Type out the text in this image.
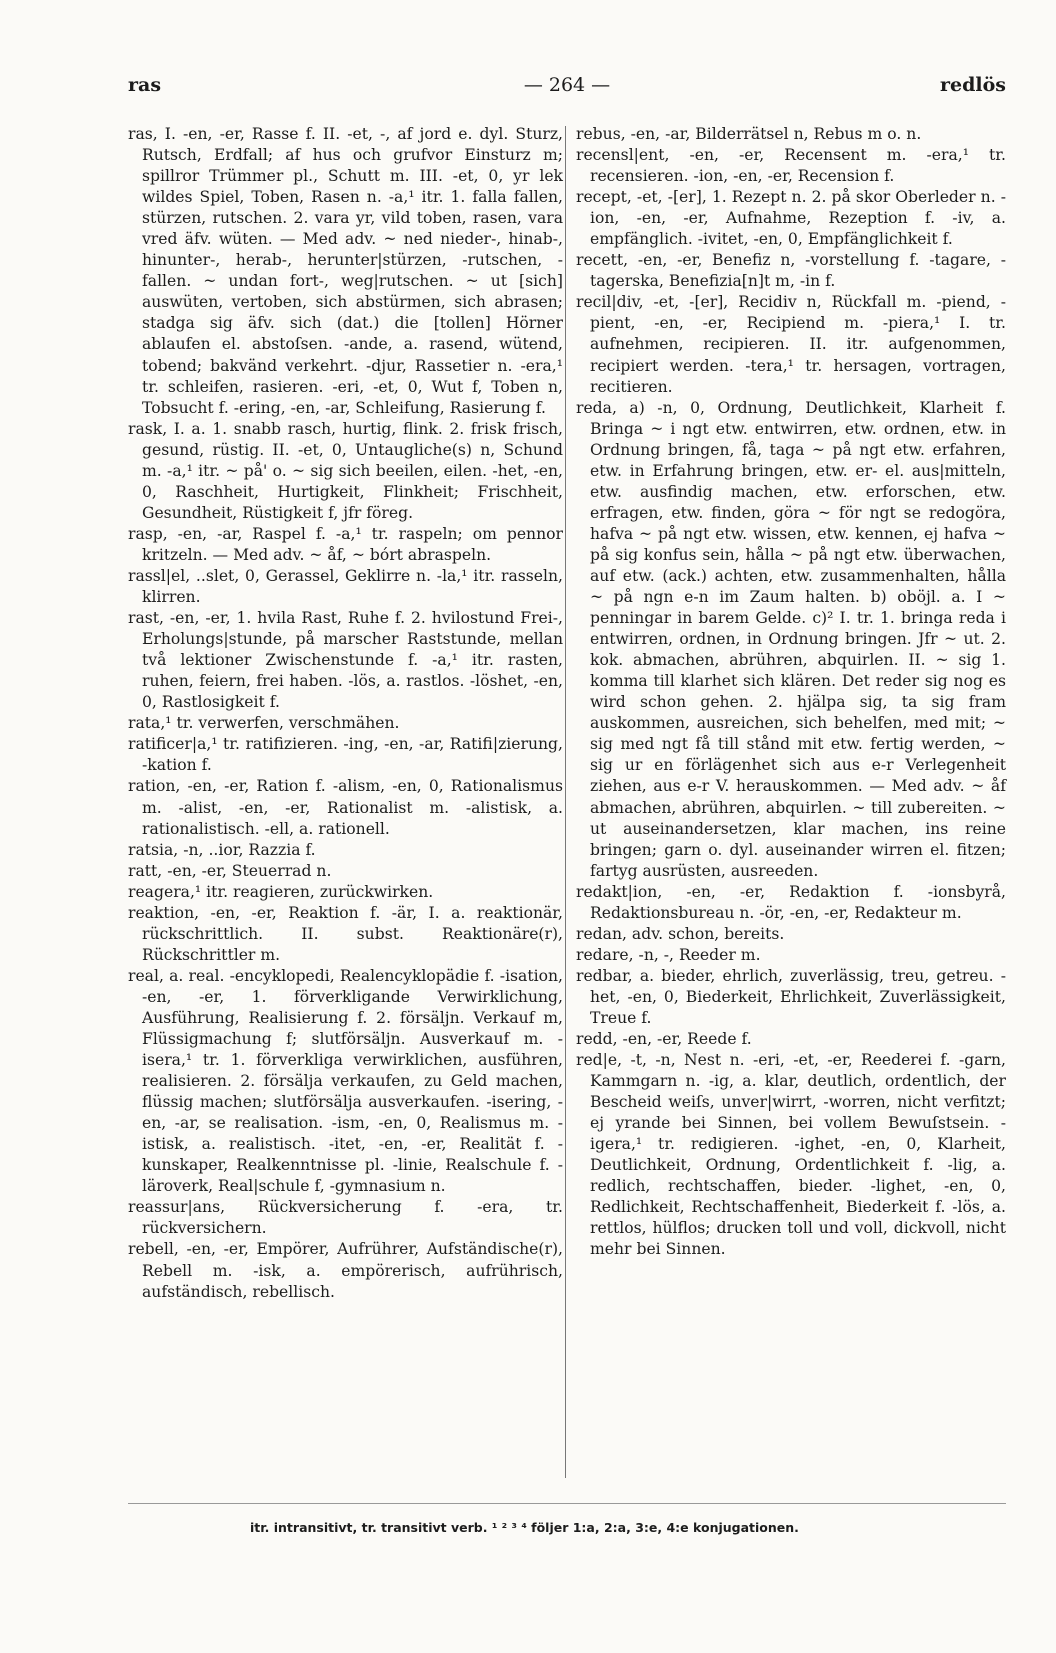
— 264 —
ras	redlös

ras, I. -en, -er, Rasse f. II. -et, -, af jord e. dyl. Sturz, Rutsch, Erdfall; af hus och grufvor Einsturz m; spillror Trümmer pl., Schutt m. III. -et, 0, yr lek wildes Spiel, Toben, Rasen n. -a,¹ itr. 1. falla fallen, stürzen, rutschen. 2. vara yr, vild toben, rasen, vara vred äfv. wüten. — Med adv. ~ ned nieder-, hinab-, hinunter-, herab-, herunter|stürzen, -rutschen, -fallen. ~ undan fort-, weg|rutschen. ~ ut [sich] auswüten, vertoben, sich abstürmen, sich abrasen; stadga sig äfv. sich (dat.) die [tollen] Hörner ablaufen el. abstoſsen. -ande, a. rasend, wütend, tobend; bakvänd verkehrt. -djur, Rassetier n. -era,¹ tr. schleifen, rasieren. -eri, -et, 0, Wut f, Toben n, Tobsucht f. -ering, -en, -ar, Schleifung, Rasierung f.

rask, I. a. 1. snabb rasch, hurtig, flink. 2. frisk frisch, gesund, rüstig. II. -et, 0, Untaugliche(s) n, Schund m. -a,¹ itr. ~ på' o. ~ sig sich beeilen, eilen. -het, -en, 0, Raschheit, Hurtigkeit, Flinkheit; Frischheit, Gesundheit, Rüstigkeit f, jfr föreg.

rasp, -en, -ar, Raspel f. -a,¹ tr. raspeln; om pennor kritzeln. — Med adv. ~ åf, ~ bórt abraspeln.

rassl|el, ..slet, 0, Gerassel, Geklirre n. -la,¹ itr. rasseln, klirren.

rast, -en, -er, 1. hvila Rast, Ruhe f. 2. hvilostund Frei-, Erholungs|stunde, på marscher Raststunde, mellan två lektioner Zwischenstunde f. -a,¹ itr. rasten, ruhen, feiern, frei haben. -lös, a. rastlos. -löshet, -en, 0, Rastlosigkeit f.

rata,¹ tr. verwerfen, verschmähen.

ratificer|a,¹ tr. ratifizieren. -ing, -en, -ar, Ratifi|zierung, -kation f.

ration, -en, -er, Ration f. -alism, -en, 0, Rationalismus m. -alist, -en, -er, Rationalist m. -alistisk, a. rationalistisch. -ell, a. rationell.

ratsia, -n, ..ior, Razzia f.

ratt, -en, -er, Steuerrad n.

reagera,¹ itr. reagieren, zurückwirken.

reaktion, -en, -er, Reaktion f. -är, I. a. reaktionär, rückschrittlich. II. subst. Reaktionäre(r), Rückschrittler m.

real, a. real. -encyklopedi, Realencyklopädie f. -isation, -en, -er, 1. förverkligande Verwirklichung, Ausführung, Realisierung f. 2. försäljn. Verkauf m, Flüssigmachung f; slutförsäljn. Ausverkauf m. -isera,¹ tr. 1. förverkliga verwirklichen, ausführen, realisieren. 2. försälja verkaufen, zu Geld machen, flüssig machen; slutförsälja ausverkaufen. -isering, -en, -ar, se realisation. -ism, -en, 0, Realismus m. -istisk, a. realistisch. -itet, -en, -er, Realität f. -kunskaper, Realkenntnisse pl. -linie, Realschule f. -läroverk, Real|schule f, -gymnasium n.

reassur|ans, Rückversicherung f. -era, tr. rückversichern.

rebell, -en, -er, Empörer, Aufrührer, Aufständische(r), Rebell m. -isk, a. empörerisch, aufrührisch, aufständisch, rebellisch.

rebus, -en, -ar, Bilderrätsel n, Rebus m o. n.

recensl|ent, -en, -er, Recensent m. -era,¹ tr. recensieren. -ion, -en, -er, Recension f.

recept, -et, -[er], 1. Rezept n. 2. på skor Oberleder n. -ion, -en, -er, Aufnahme, Rezeption f. -iv, a. empfänglich. -ivitet, -en, 0, Empfänglichkeit f.

recett, -en, -er, Benefiz n, -vorstellung f. -tagare, -tagerska, Benefizia[n]t m, -in f.

recil|div, -et, -[er], Recidiv n, Rückfall m. -piend, -pient, -en, -er, Recipiend m. -piera,¹ I. tr. aufnehmen, recipieren. II. itr. aufgenommen, recipiert werden. -tera,¹ tr. hersagen, vortragen, recitieren.

reda, a) -n, 0, Ordnung, Deutlichkeit, Klarheit f. Bringa ~ i ngt etw. entwirren, etw. ordnen, etw. in Ordnung bringen, få, taga ~ på ngt etw. erfahren, etw. in Erfahrung bringen, etw. er- el. aus|mitteln, etw. ausfindig machen, etw. erforschen, etw. erfragen, etw. finden, göra ~ för ngt se redogöra, hafva ~ på ngt etw. wissen, etw. kennen, ej hafva ~ på sig konfus sein, hålla ~ på ngt etw. überwachen, auf etw. (ack.) achten, etw. zusammenhalten, hålla ~ på ngn e-n im Zaum halten. b) oböjl. a. I ~ penningar in barem Gelde. c)² I. tr. 1. bringa reda i entwirren, ordnen, in Ordnung bringen. Jfr ~ ut. 2. kok. abmachen, abrühren, abquirlen. II. ~ sig 1. komma till klarhet sich klären. Det reder sig nog es wird schon gehen. 2. hjälpa sig, ta sig fram auskommen, ausreichen, sich behelfen, med mit; ~ sig med ngt få till stånd mit etw. fertig werden, ~ sig ur en förlägenhet sich aus e-r Verlegenheit ziehen, aus e-r V. herauskommen. — Med adv. ~ åf abmachen, abrühren, abquirlen. ~ till zubereiten. ~ ut auseinandersetzen, klar machen, ins reine bringen; garn o. dyl. auseinander wirren el. fitzen; fartyg ausrüsten, ausreeden.

redakt|ion, -en, -er, Redaktion f. -ionsbyrå, Redaktionsbureau n. -ör, -en, -er, Redakteur m.

redan, adv. schon, bereits.

redare, -n, -, Reeder m.

redbar, a. bieder, ehrlich, zuverlässig, treu, getreu. -het, -en, 0, Biederkeit, Ehrlichkeit, Zuverlässigkeit, Treue f.

redd, -en, -er, Reede f.

red|e, -t, -n, Nest n. -eri, -et, -er, Reederei f. -garn, Kammgarn n. -ig, a. klar, deutlich, ordentlich, der Bescheid weiſs, unver|wirrt, -worren, nicht verfitzt; ej yrande bei Sinnen, bei vollem Bewuſstsein. -igera,¹ tr. redigieren. -ighet, -en, 0, Klarheit, Deutlichkeit, Ordnung, Ordentlichkeit f. -lig, a. redlich, rechtschaffen, bieder. -lighet, -en, 0, Redlichkeit, Rechtschaffenheit, Biederkeit f. -lös, a. rettlos, hülflos; drucken toll und voll, dickvoll, nicht mehr bei Sinnen.

itr. intransitivt, tr. transitivt verb. ¹ ² ³ ⁴ följer 1:a, 2:a, 3:e, 4:e konjugationen.
